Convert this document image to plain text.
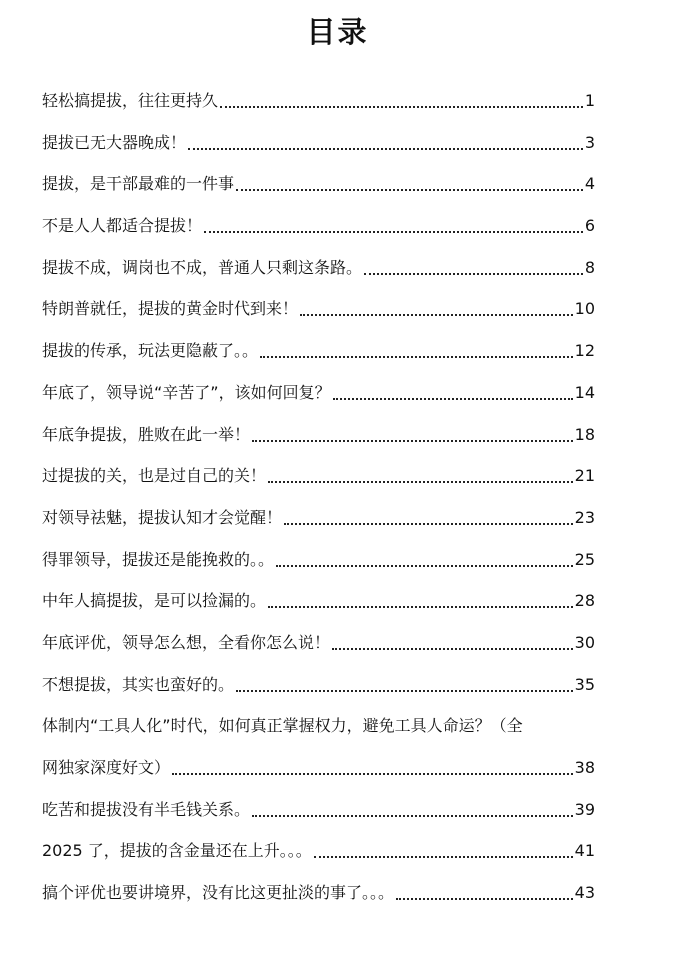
目录
轻松搞提拔，往往更持久	1
提拔已无大器晚成！	3
提拔，是干部最难的一件事	4
不是人人都适合提拔！	6
提拔不成，调岗也不成，普通人只剩这条路。	8
特朗普就任，提拔的黄金时代到来！	10
提拔的传承，玩法更隐蔽了。。	12
年底了，领导说“辛苦了”，该如何回复？	14
年底争提拔，胜败在此一举！	18
过提拔的关，也是过自己的关！	21
对领导祛魅，提拔认知才会觉醒！	23
得罪领导，提拔还是能挽救的。。	25
中年人搞提拔，是可以捡漏的。	28
年底评优，领导怎么想，全看你怎么说！	30
不想提拔，其实也蛮好的。	35
体制内“工具人化”时代，如何真正掌握权力，避免工具人命运？（全
网独家深度好文）	38
吃苦和提拔没有半毛钱关系。	39
2025 了，提拔的含金量还在上升。。。	41
搞个评优也要讲境界，没有比这更扯淡的事了。。。	43
